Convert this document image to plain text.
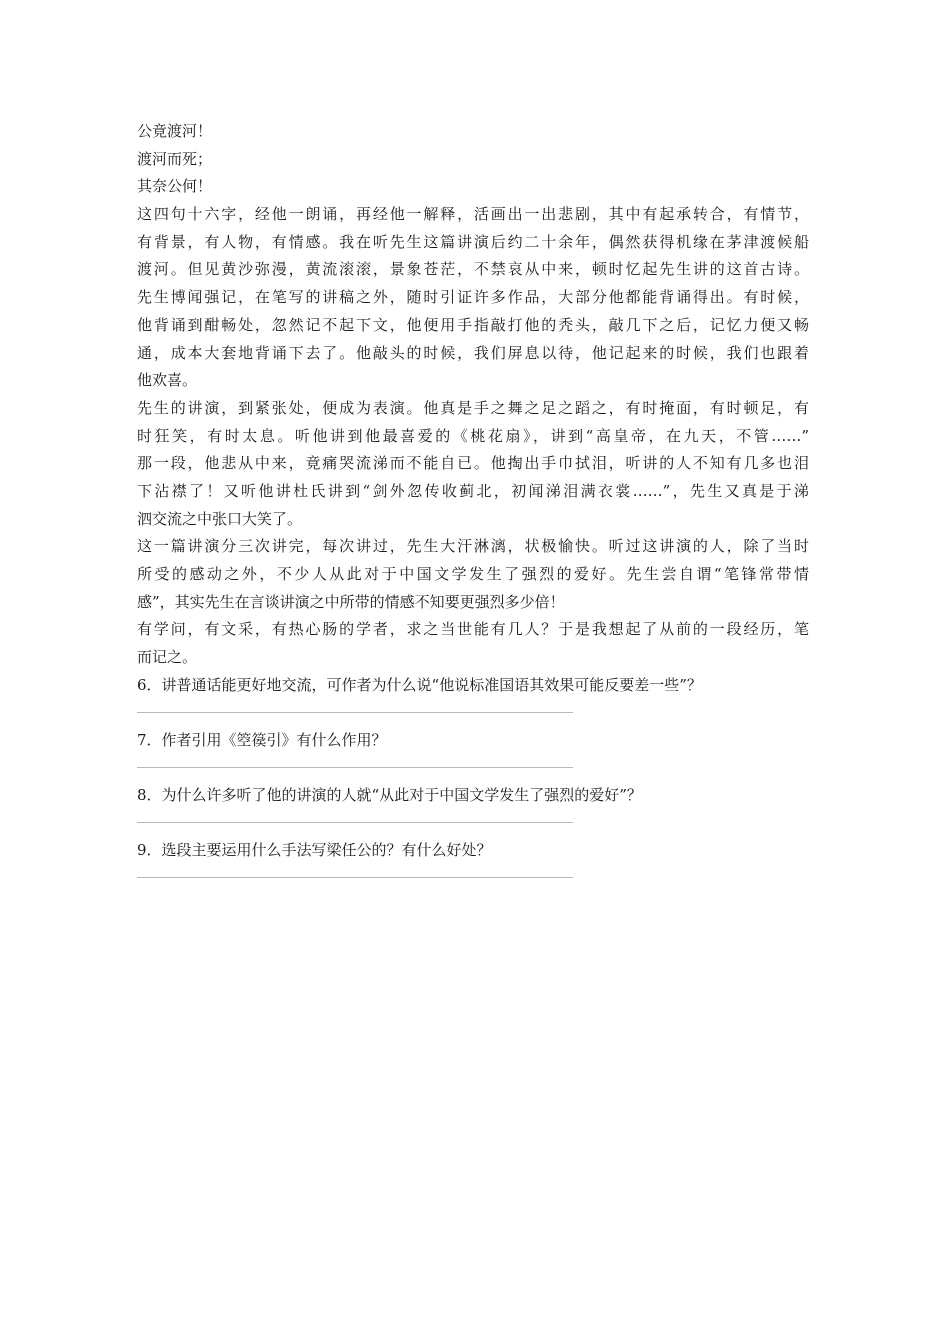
公竟渡河！
渡河而死；
其奈公何！
这四句十六字，经他一朗诵，再经他一解释，活画出一出悲剧，其中有起承转合，有情节，
有背景，有人物，有情感。我在听先生这篇讲演后约二十余年，偶然获得机缘在茅津渡候船
渡河。但见黄沙弥漫，黄流滚滚，景象苍茫，不禁哀从中来，顿时忆起先生讲的这首古诗。
先生博闻强记，在笔写的讲稿之外，随时引证许多作品，大部分他都能背诵得出。有时候，
他背诵到酣畅处，忽然记不起下文，他便用手指敲打他的秃头，敲几下之后，记忆力便又畅
通，成本大套地背诵下去了。他敲头的时候，我们屏息以待，他记起来的时候，我们也跟着
他欢喜。
先生的讲演，到紧张处，便成为表演。他真是手之舞之足之蹈之，有时掩面，有时顿足，有
时狂笑，有时太息。听他讲到他最喜爱的《桃花扇》，讲到“高皇帝，在九天，不管……”
那一段，他悲从中来，竟痛哭流涕而不能自已。他掏出手巾拭泪，听讲的人不知有几多也泪
下沾襟了！又听他讲杜氏讲到“剑外忽传收蓟北，初闻涕泪满衣裳……”，先生又真是于涕
泗交流之中张口大笑了。
这一篇讲演分三次讲完，每次讲过，先生大汗淋漓，状极愉快。听过这讲演的人，除了当时
所受的感动之外，不少人从此对于中国文学发生了强烈的爱好。先生尝自谓“笔锋常带情
感”，其实先生在言谈讲演之中所带的情感不知要更强烈多少倍！
有学问，有文采，有热心肠的学者，求之当世能有几人？于是我想起了从前的一段经历，笔
而记之。
6．讲普通话能更好地交流，可作者为什么说“他说标准国语其效果可能反要差一些”？
7．作者引用《箜篌引》有什么作用？
8．为什么许多听了他的讲演的人就“从此对于中国文学发生了强烈的爱好”？
9．选段主要运用什么手法写梁任公的？有什么好处？
